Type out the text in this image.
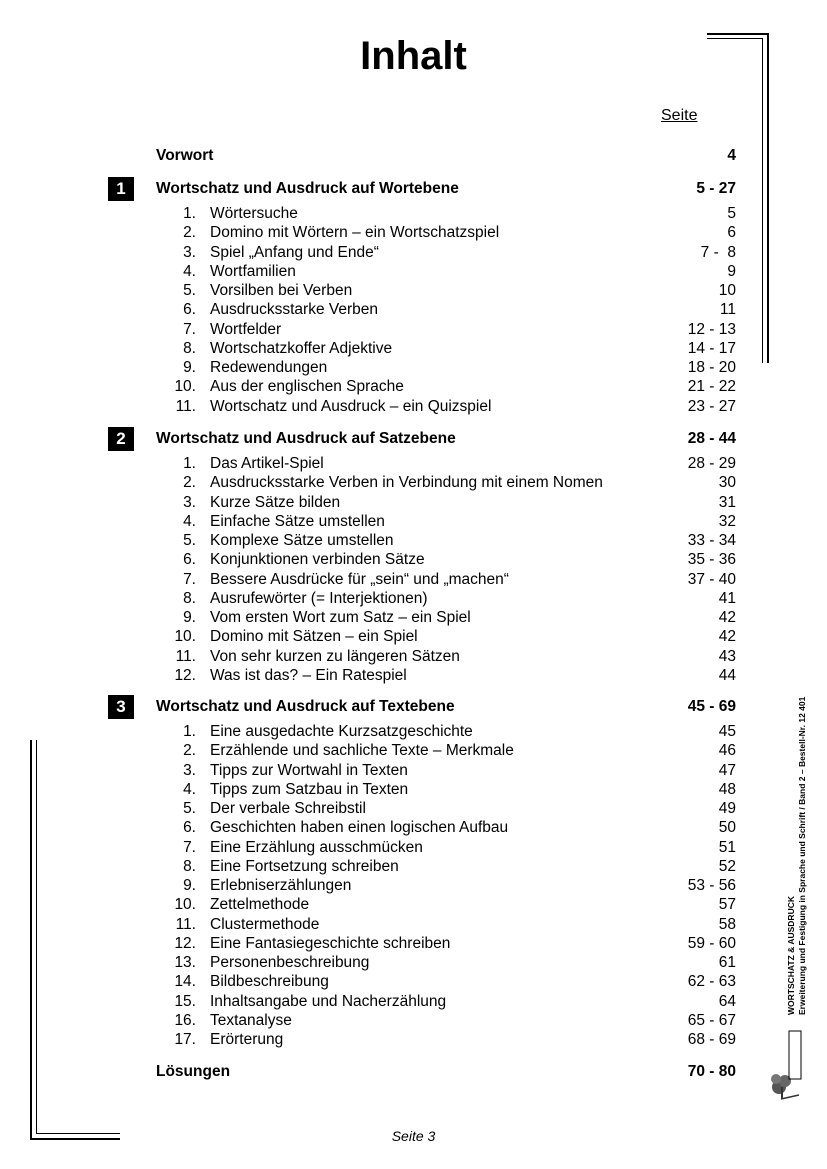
Inhalt
Seite
Vorwort	4
1	Wortschatz und Ausdruck auf Wortebene	5 - 27
1. Wörtersuche	5
2. Domino mit Wörtern – ein Wortschatzspiel	6
3. Spiel „Anfang und Ende“	7 -  8
4. Wortfamilien	9
5. Vorsilben bei Verben	10
6. Ausdrucksstarke Verben	11
7. Wortfelder	12 - 13
8. Wortschatzkoffer Adjektive	14 - 17
9. Redewendungen	18 - 20
10. Aus der englischen Sprache	21 - 22
11. Wortschatz und Ausdruck – ein Quizspiel	23 - 27
2	Wortschatz und Ausdruck auf Satzebene	28 - 44
1. Das Artikel-Spiel	28 - 29
2. Ausdrucksstarke Verben in Verbindung mit einem Nomen	30
3. Kurze Sätze bilden	31
4. Einfache Sätze umstellen	32
5. Komplexe Sätze umstellen	33 - 34
6. Konjunktionen verbinden Sätze	35 - 36
7. Bessere Ausdrücke für „sein“ und „machen“	37 - 40
8. Ausrufewörter (= Interjektionen)	41
9. Vom ersten Wort zum Satz – ein Spiel	42
10. Domino mit Sätzen – ein Spiel	42
11. Von sehr kurzen zu längeren Sätzen	43
12. Was ist das? – Ein Ratespiel	44
3	Wortschatz und Ausdruck auf Textebene	45 - 69
1. Eine ausgedachte Kurzsatzgeschichte	45
2. Erzählende und sachliche Texte – Merkmale	46
3. Tipps zur Wortwahl in Texten	47
4. Tipps zum Satzbau in Texten	48
5. Der verbale Schreibstil	49
6. Geschichten haben einen logischen Aufbau	50
7. Eine Erzählung ausschmücken	51
8. Eine Fortsetzung schreiben	52
9. Erlebniserzählungen	53 - 56
10. Zettelmethode	57
11. Clustermethode	58
12. Eine Fantasiegeschichte schreiben	59 - 60
13. Personenbeschreibung	61
14. Bildbeschreibung	62 - 63
15. Inhaltsangabe und Nacherzählung	64
16. Textanalyse	65 - 67
17. Erörterung	68 - 69
Lösungen	70 - 80
Seite 3
WORTSCHATZ & AUSDRUCK Erweiterung und Festigung in Sprache und Schrift / Band 2 – Bestell-Nr. 12 401
